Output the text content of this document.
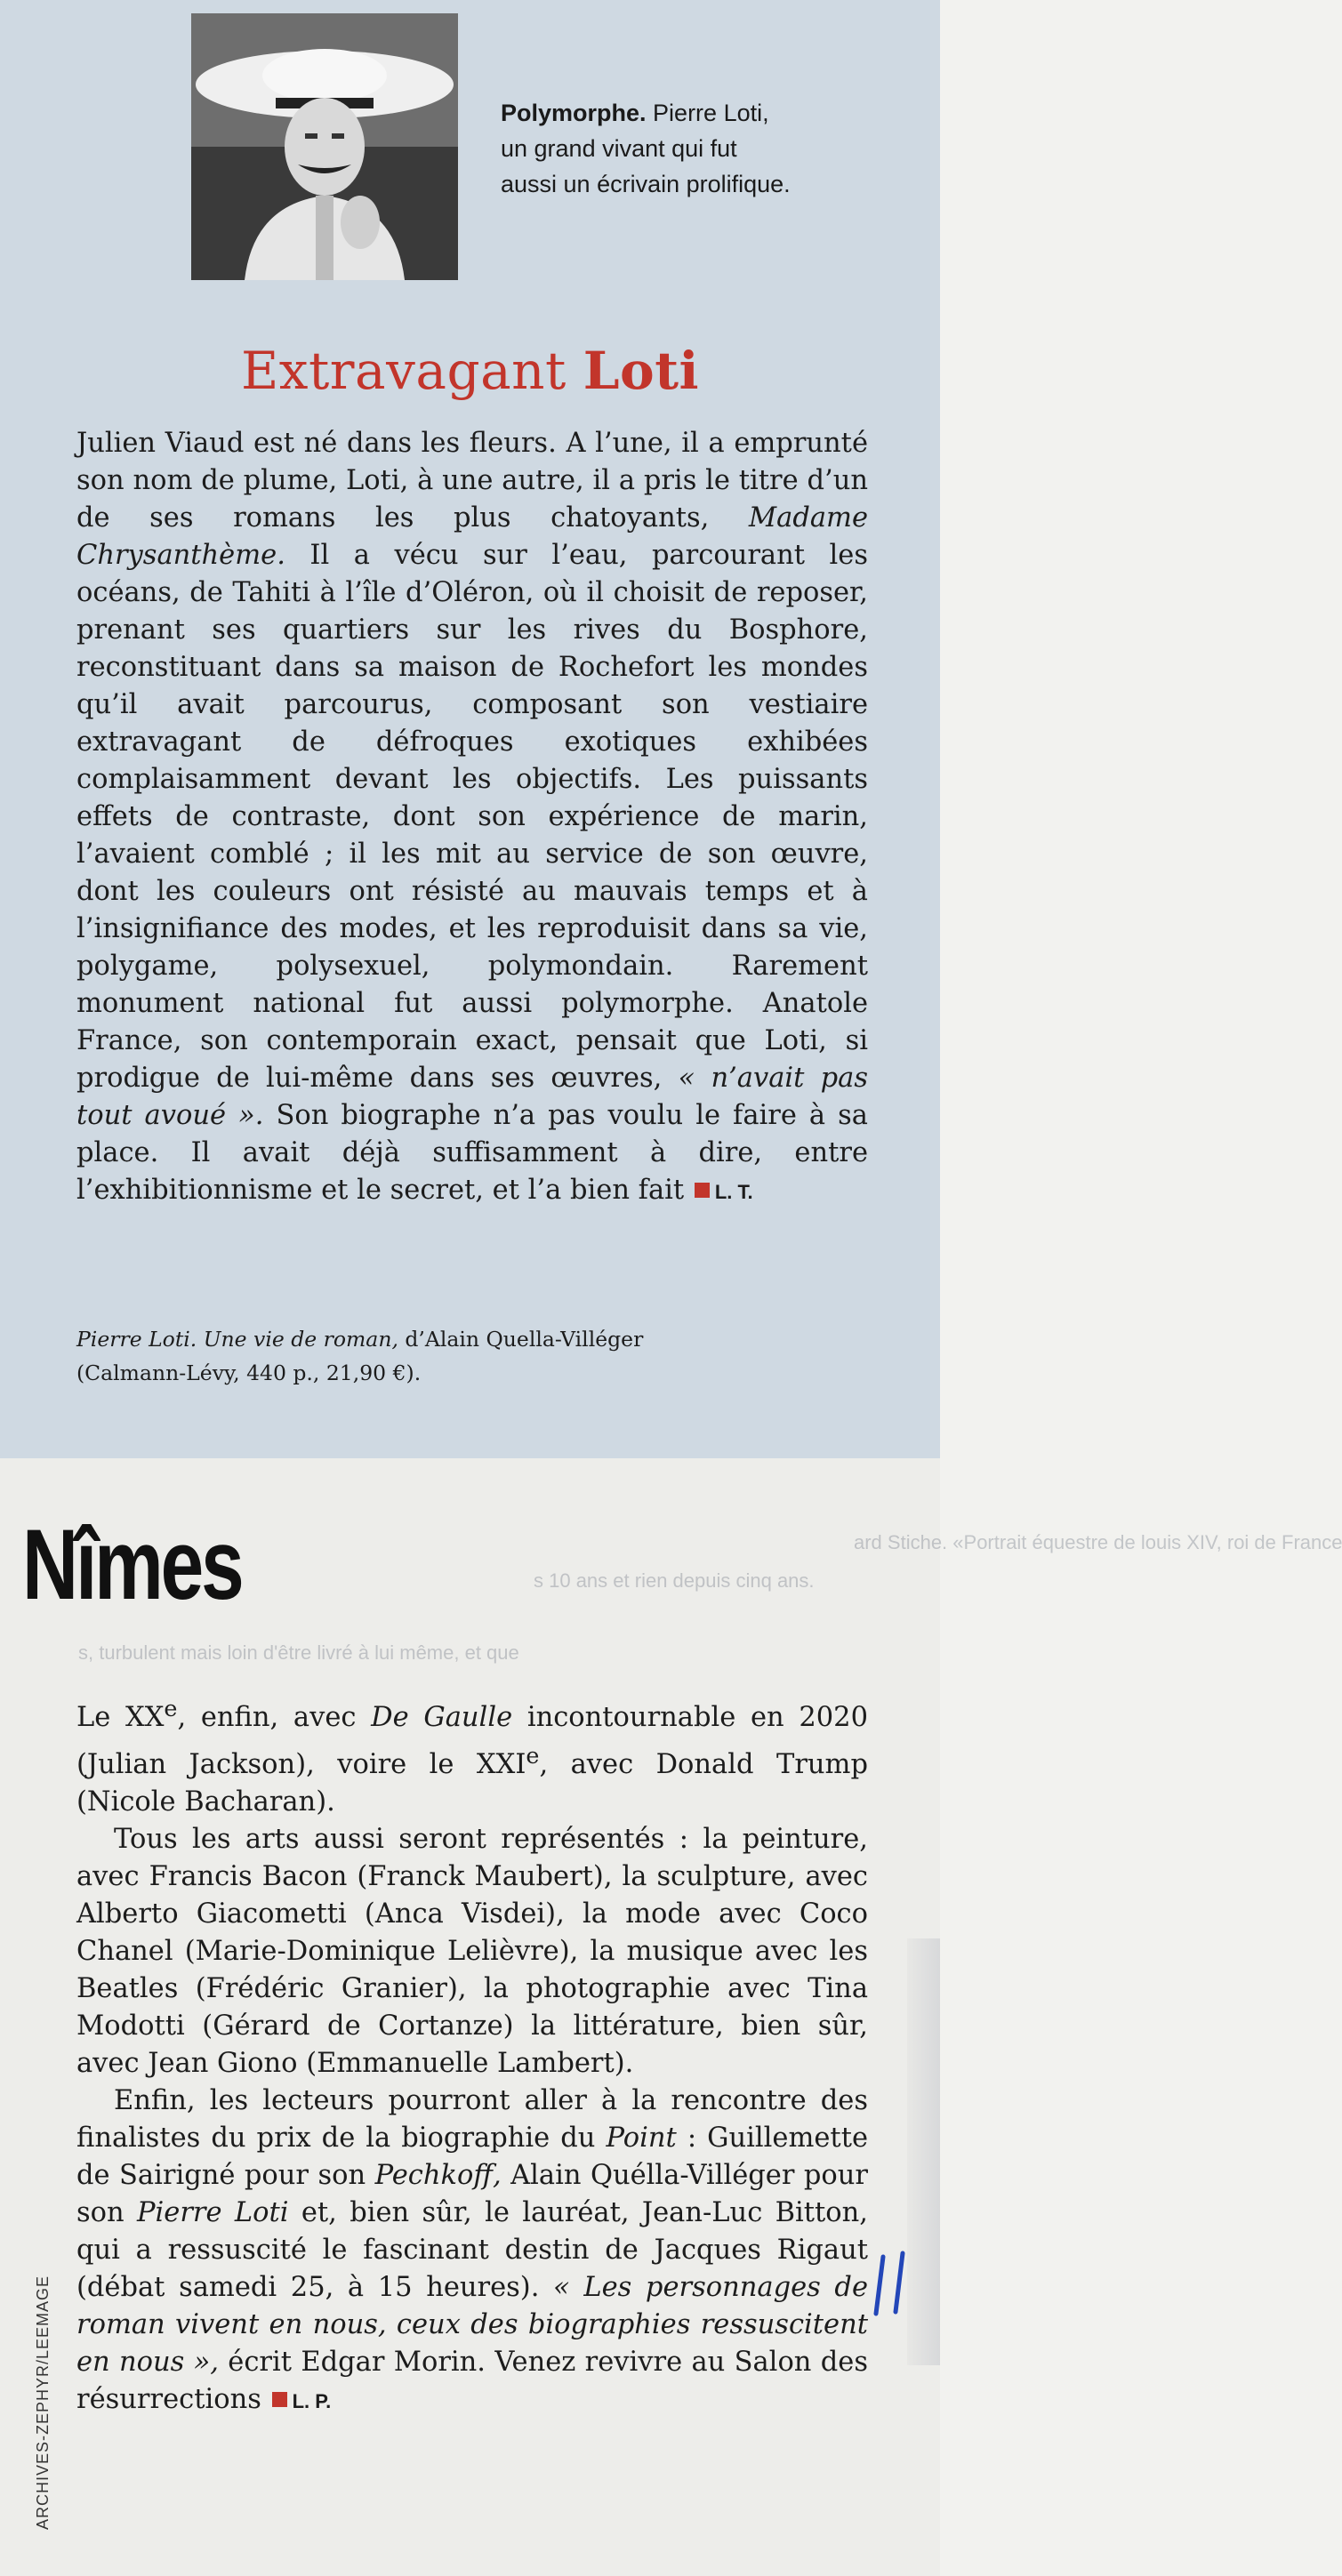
Polymorphe. Pierre Loti, un grand vivant qui fut aussi un écrivain prolifique.
Extravagant Loti
Julien Viaud est né dans les fleurs. A l’une, il a emprunté son nom de plume, Loti, à une autre, il a pris le titre d’un de ses romans les plus chatoyants, Madame Chrysanthème. Il a vécu sur l’eau, parcourant les océans, de Tahiti à l’île d’Oléron, où il choisit de reposer, prenant ses quartiers sur les rives du Bosphore, reconstituant dans sa maison de Rochefort les mondes qu’il avait parcourus, composant son vestiaire extravagant de défroques exotiques exhibées complaisamment devant les objectifs. Les puissants effets de contraste, dont son expérience de marin, l’avaient comblé ; il les mit au service de son œuvre, dont les couleurs ont résisté au mauvais temps et à l’insignifiance des modes, et les reproduisit dans sa vie, polygame, polysexuel, polymondain. Rarement monument national fut aussi polymorphe. Anatole France, son contemporain exact, pensait que Loti, si prodigue de lui-même dans ses œuvres, « n’avait pas tout avoué ». Son biographe n’a pas voulu le faire à sa place. Il avait déjà suffisamment à dire, entre l’exhibitionnisme et le secret, et l’a bien fait L. T.
Pierre Loti. Une vie de roman, d’Alain Quella-Villéger
(Calmann-Lévy, 440 p., 21,90 €).
ard Stiche. «Portrait équestre de louis XIV, roi de France
s 10 ans et rien depuis cinq ans.
s, turbulent mais loin d'être livré à lui même, et que
Nîmes

Le XXe, enfin, avec De Gaulle incontournable en 2020 (Julian Jackson), voire le XXIe, avec Donald Trump (Nicole Bacharan).

Tous les arts aussi seront représentés : la peinture, avec Francis Bacon (Franck Maubert), la sculpture, avec Alberto Giacometti (Anca Visdei), la mode avec Coco Chanel (Marie-Dominique Lelièvre), la musique avec les Beatles (Frédéric Granier), la photographie avec Tina Modotti (Gérard de Cortanze) la littérature, bien sûr, avec Jean Giono (Emmanuelle Lambert).

Enfin, les lecteurs pourront aller à la rencontre des finalistes du prix de la biographie du Point : Guillemette de Sairigné pour son Pechkoff, Alain Quélla-Villéger pour son Pierre Loti et, bien sûr, le lauréat, Jean-Luc Bitton, qui a ressuscité le fascinant destin de Jacques Rigaut (débat samedi 25, à 15 heures). « Les personnages de roman vivent en nous, ceux des biographies ressuscitent en nous », écrit Edgar Morin. Venez revivre au Salon des résurrections L. P.

ARCHIVES-ZEPHYR/LEEMAGE
